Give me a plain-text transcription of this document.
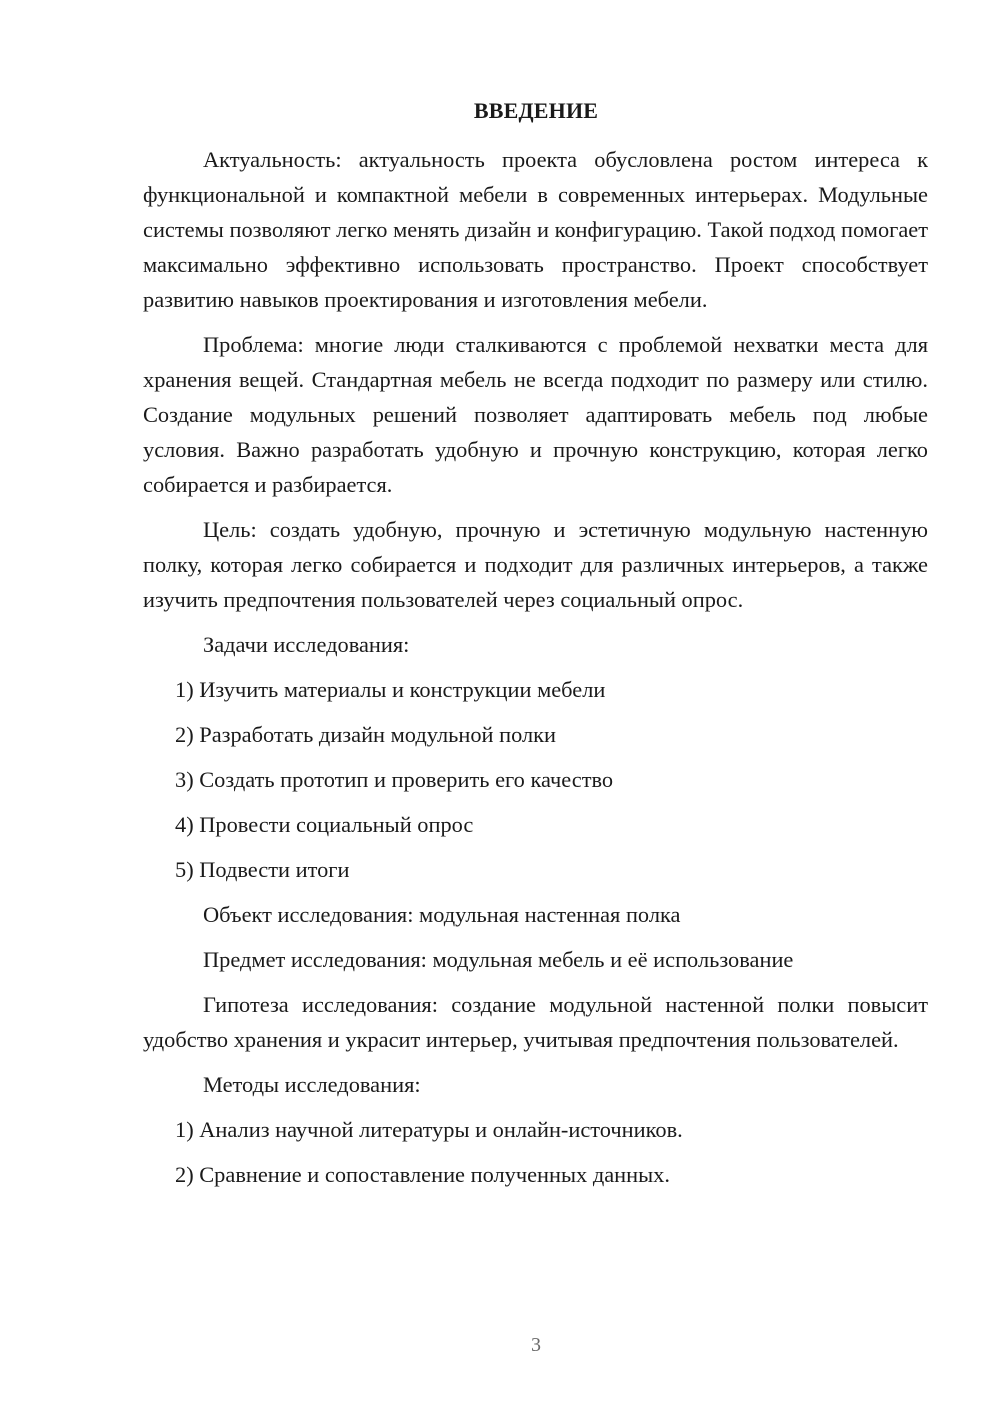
ВВЕДЕНИЕ

Актуальность: актуальность проекта обусловлена ростом интереса к функциональной и компактной мебели в современных интерьерах. Модульные системы позволяют легко менять дизайн и конфигурацию. Такой подход помогает максимально эффективно использовать пространство. Проект способствует развитию навыков проектирования и изготовления мебели.

Проблема: многие люди сталкиваются с проблемой нехватки места для хранения вещей. Стандартная мебель не всегда подходит по размеру или стилю. Создание модульных решений позволяет адаптировать мебель под любые условия. Важно разработать удобную и прочную конструкцию, которая легко собирается и разбирается.

Цель: создать удобную, прочную и эстетичную модульную настенную полку, которая легко собирается и подходит для различных интерьеров, а также изучить предпочтения пользователей через социальный опрос.

Задачи исследования:
1) Изучить материалы и конструкции мебели
2) Разработать дизайн модульной полки
3) Создать прототип и проверить его качество
4) Провести социальный опрос
5) Подвести итоги
Объект исследования: модульная настенная полка
Предмет исследования: модульная мебель и её использование

Гипотеза исследования: создание модульной настенной полки повысит удобство хранения и украсит интерьер, учитывая предпочтения пользователей.

Методы исследования:
1) Анализ научной литературы и онлайн-источников.
2) Сравнение и сопоставление полученных данных.
3
